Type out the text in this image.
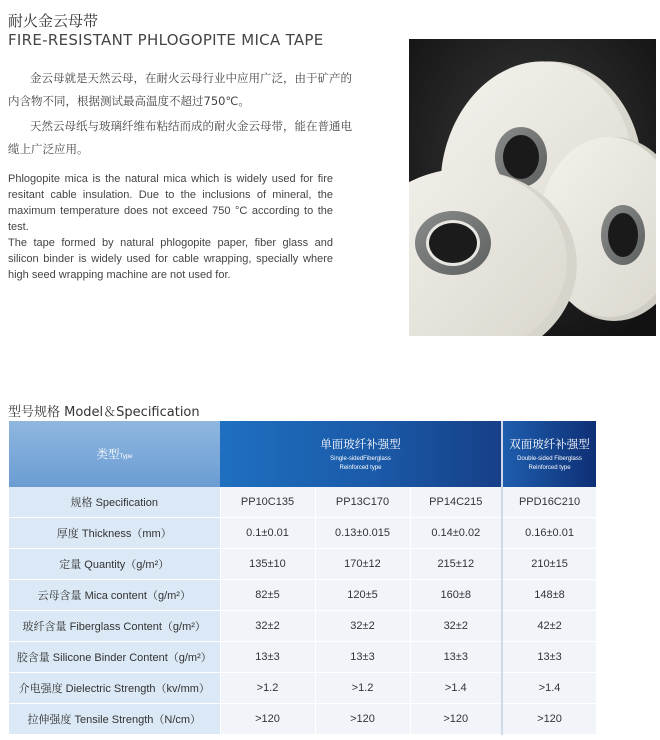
耐火金云母带
FIRE-RESISTANT PHLOGOPITE MICA TAPE

金云母就是天然云母，在耐火云母行业中应用广泛，由于矿产的内含物不同，根据测试最高温度不超过750℃。

天然云母纸与玻璃纤维布粘结而成的耐火金云母带，能在普通电缆上广泛应用。

Phlogopite mica is the natural mica which is widely used for fire resitant cable insulation. Due to the inclusions of mineral, the maximum temperature does not exceed 750 °C according to the test.

The tape formed by natural phlogopite paper, fiber glass and silicon binder is widely used for cable wrapping, specially where high seed wrapping machine are not used for.

型号规格 Model＆Specification
类型Type	单面玻纤补强型
Single-sidedFiberglass
Reinforced type			双面玻纤补强型
Double-sided Fiberglass
Reinforced type

规格 Specification	PP10C135	PP13C170	PP14C215	PPD16C210
厚度 Thickness（mm）	0.1±0.01	0.13±0.015	0.14±0.02	0.16±0.01
定量 Quantity（g/m²）	135±10	170±12	215±12	210±15
云母含量 Mica content（g/m²）	82±5	120±5	160±8	148±8
玻纤含量 Fiberglass Content（g/m²）	32±2	32±2	32±2	42±2
胶含量 Silicone Binder Content（g/m²）	13±3	13±3	13±3	13±3
介电强度 Dielectric Strength（kv/mm）	>1.2	>1.2	>1.4	>1.4
拉伸强度 Tensile Strength（N/cm）	>120	>120	>120	>120
